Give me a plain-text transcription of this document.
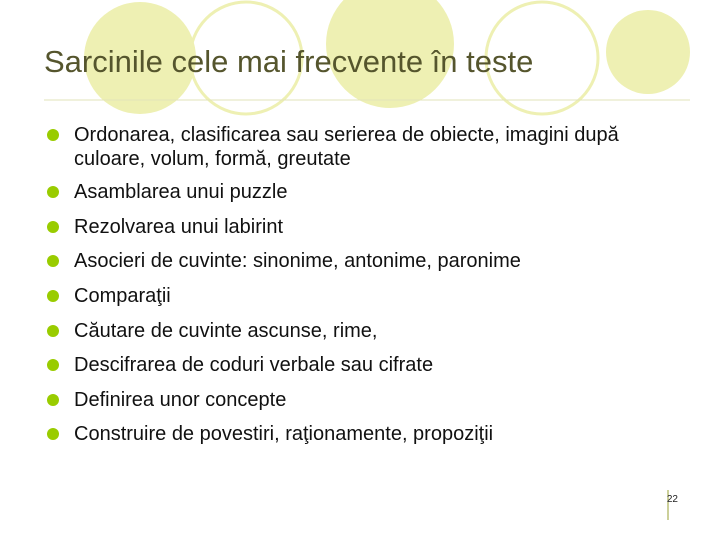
Sarcinile cele mai frecvente în teste
Ordonarea, clasificarea sau serierea de obiecte, imagini după culoare, volum, formă, greutate
Asamblarea unui puzzle
Rezolvarea unui labirint
Asocieri de cuvinte: sinonime, antonime, paronime
Comparaţii
Căutare de cuvinte ascunse, rime,
Descifrarea de coduri verbale sau cifrate
Definirea unor concepte
Construire de povestiri, raţionamente, propoziţii
22
